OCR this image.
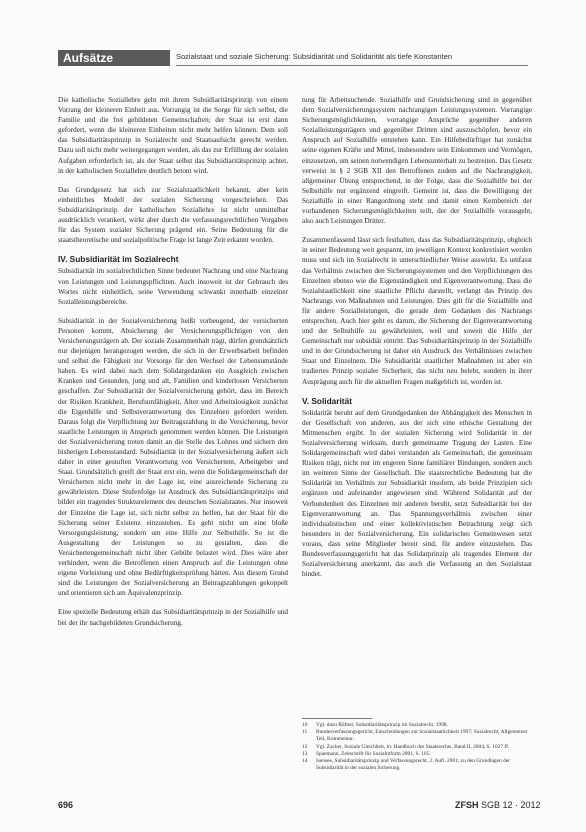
Aufsätze	Sozialstaat und soziale Sicherung: Subsidiarität und Solidarität als tiefe Konstanten

Die katholische Soziallehre geht mit ihrem Subsidiaritätsprinzip von einem Vorrang der kleineren Einheit aus. Vorrangig ist die Sorge für sich selbst, die Familie und die frei gebildeten Gemeinschaften; der Staat ist erst dann gefordert, wenn die kleineren Einheiten nicht mehr helfen können. Dem soll das Subsidiaritätsprinzip in Sozialrecht und Staatsaufsicht gerecht werden. Dazu soll nicht mehr weitergegangen werden, als das zur Erfüllung der sozialen Aufgaben erforderlich ist, als der Staat selbst das Subsidiaritätsprinzip achtet, in der katholischen Soziallehre deutlich betont wird.

Das Grundgesetz hat sich zur Sozialstaatlichkeit bekannt, aber kein einheitliches Modell der sozialen Sicherung vorgeschrieben. Das Subsidiaritätsprinzip der katholischen Soziallehre ist nicht unmittelbar ausdrücklich verankert, wirkt aber durch die verfassungsrechtlichen Vorgaben für das System sozialer Sicherung prägend ein. Seine Bedeutung für die staatstheoretische und sozialpolitische Frage ist lange Zeit erkannt worden.

IV. Subsidiarität im Sozialrecht

Subsidiarität im sozialrechtlichen Sinne bedeutet Nachrang und eine Nachrang von Leistungen und Leistungspflichten. Auch insoweit ist der Gebrauch des Wortes nicht einheitlich, seine Verwendung schwankt innerhalb einzelner Sozialleistungsbereiche.

Subsidiarität in der Sozialversicherung heißt vorbeugend, der versicherten Personen kommt, Absicherung der Versicherungspflichtigen von den Versicherungsträgern ab. Der soziale Zusammenhalt trägt, dürfen grundsätzlich nur diejenigen herangezogen werden, die sich in der Erwerbsarbeit befinden und selbst die Fähigkeit zur Vorsorge für den Wechsel der Lebensumstände haben. Es wird dabei nach dem Solidargedanken ein Ausgleich zwischen Kranken und Gesunden, jung und alt, Familien und kinderlosen Versicherten geschaffen. Zur Subsidiarität der Sozialversicherung gehört, dass im Bereich der Risiken Krankheit, Berufsunfähigkeit, Alter und Arbeitslosigkeit zunächst die Eigenhilfe und Selbstverantwortung des Einzelnen gefordert werden. Daraus folgt die Verpflichtung zur Beitragszahlung in die Versicherung, bevor staatliche Leistungen in Anspruch genommen werden können. Die Leistungen der Sozialversicherung treten damit an die Stelle des Lohnes und sichern den bisherigen Lebensstandard. Subsidiarität in der Sozialversicherung äußert sich daher in einer gestuften Verantwortung von Versichertem, Arbeitgeber und Staat. Grundsätzlich greift der Staat erst ein, wenn die Solidargemeinschaft der Versicherten nicht mehr in der Lage ist, eine ausreichende Sicherung zu gewährleisten. Diese Stufenfolge ist Ausdruck des Subsidiaritätsprinzips und bildet ein tragendes Strukturelement des deutschen Sozialstaates. Nur insoweit der Einzelne die Lage ist, sich nicht selbst zu helfen, hat der Staat für die Sicherung seiner Existenz einzustehen. Es geht nicht um eine bloße Versorgungsleistung, sondern um eine Hilfe zur Selbsthilfe. So ist die Ausgestaltung der Leistungen so zu gestalten, dass die Versichertengemeinschaft nicht über Gebühr belastet wird. Dies wäre aber verhindert, wenn die Betroffenen einen Anspruch auf die Leistungen ohne eigene Vorleistung und ohne Bedürftigkeitsprüfung hätten. Aus diesem Grund sind die Leistungen der Sozialversicherung an Beitragszahlungen gekoppelt und orientieren sich am Äquivalenzprinzip.

Eine spezielle Bedeutung erhält das Subsidiaritätsprinzip in der Sozialhilfe und bei der ihr nachgebildeten Grundsicherung.

tung für Arbeitsuchende. Sozialhilfe und Grundsicherung sind in gegenüber dem Sozialversicherungssystem nachrangigen Leistungssystemen. Vorrangige Sicherungsmöglichkeiten, vorrangige Ansprüche gegenüber anderen Sozialleistungsträgern und gegenüber Dritten sind auszuschöpfen, bevor ein Anspruch auf Sozialhilfe entstehen kann. Ein Hilfebedürftiger hat zunächst seine eigenen Kräfte und Mittel, insbesondere sein Einkommen und Vermögen, einzusetzen, um seinen notwendigen Lebensunterhalt zu bestreiten. Das Gesetz verweist in § 2 SGB XII den Betroffenen zudem auf die Nachrangigkeit, allgemeiner Übung entsprechend, in der Folge, dass die Sozialhilfe bei der Selbsthilfe nur ergänzend eingreift. Gemeint ist, dass die Bewilligung der Sozialhilfe in einer Rangordnung steht und damit einen Kernbereich der vorhandenen Sicherungsmöglichkeiten teilt, der der Sozialhilfe vorausgeht, also auch Leistungen Dritter.

Zusammenfassend lässt sich festhalten, dass das Subsidiaritätsprinzip, obgleich in seiner Bedeutung weit gespannt, im jeweiligen Kontext konkretisiert werden muss und sich im Sozialrecht in unterschiedlicher Weise auswirkt. Es umfasst das Verhältnis zwischen den Sicherungssystemen und den Verpflichtungen des Einzelnen ebenso wie die Eigenständigkeit und Eigenverantwortung. Dass die Sozialstaatlichkeit eine staatliche Pflicht darstellt, verlangt das Prinzip des Nachrangs von Maßnahmen und Leistungen. Dies gilt für die Sozialhilfe und für andere Sozialleistungen, die gerade dem Gedanken des Nachrangs entsprechen. Auch hier geht es darum, die Sicherung der Eigenverantwortung und der Selbsthilfe zu gewährleisten, weil und soweit die Hilfe der Gemeinschaft nur subsidiär eintritt. Das Subsidiaritätsprinzip in der Sozialhilfe und in der Grundsicherung ist daher ein Ausdruck des Verhältnisses zwischen Staat und Einzelnem. Die Subsidiarität staatlicher Maßnahmen ist aber ein tradiertes Prinzip sozialer Sicherheit, das nicht neu belebt, sondern in ihrer Ausprägung auch für die aktuellen Fragen maßgeblich ist, worden ist.

V. Solidarität

Solidarität beruht auf dem Grundgedanken der Abhängigkeit des Menschen in der Gesellschaft von anderen, aus der sich eine ethische Gestaltung der Mitmenschen ergibt. In der sozialen Sicherung wird Solidarität in der Sozialversicherung wirksam, durch gemeinsame Tragung der Lasten. Eine Solidargemeinschaft wird dabei verstanden als Gemeinschaft, die gemeinsam Risiken trägt, nicht nur im engeren Sinne familiärer Bindungen, sondern auch im weiteren Sinne der Gesellschaft. Die staatsrechtliche Bedeutung hat die Solidarität im Verhältnis zur Subsidiarität insofern, als beide Prinzipien sich ergänzen und aufeinander angewiesen sind. Während Solidarität auf der Verbundenheit des Einzelnen mit anderen beruht, setzt Subsidiarität bei der Eigenverantwortung an. Das Spannungsverhältnis zwischen einer individualistischen und einer kollektivistischen Betrachtung zeigt sich besonders in der Sozialversicherung. Ein solidarisches Gemeinwesen setzt voraus, dass seine Mitglieder bereit sind, für andere einzustehen. Das Bundesverfassungsgericht hat das Solidarprinzip als tragendes Element der Sozialversicherung anerkannt, das auch die Verfassung an den Sozialstaat bindet.

10	Vgl. dazu Rüfner, Subsidiaritätsprinzip im Sozialrecht, 1998.
11	Bundesverfassungsgericht, Entscheidungen zur Sozialstaatlichkeit 1997; Sozialrecht; Allgemeiner Teil, Kommentar.
12	Vgl. Zacher, Soziale Gleichheit, in: Handbuch des Staatsrechts, Band II, 2004, S. 1027 ff.
13	Spaemann, Zeitschrift für Sozialreform 2001, S. 105.
14	Isensee, Subsidiaritätsprinzip und Verfassungsrecht, 2. Aufl. 2001; zu den Grundlagen der Subsidiarität in der sozialen Sicherung.
696	ZFSH SGB 12 · 2012
